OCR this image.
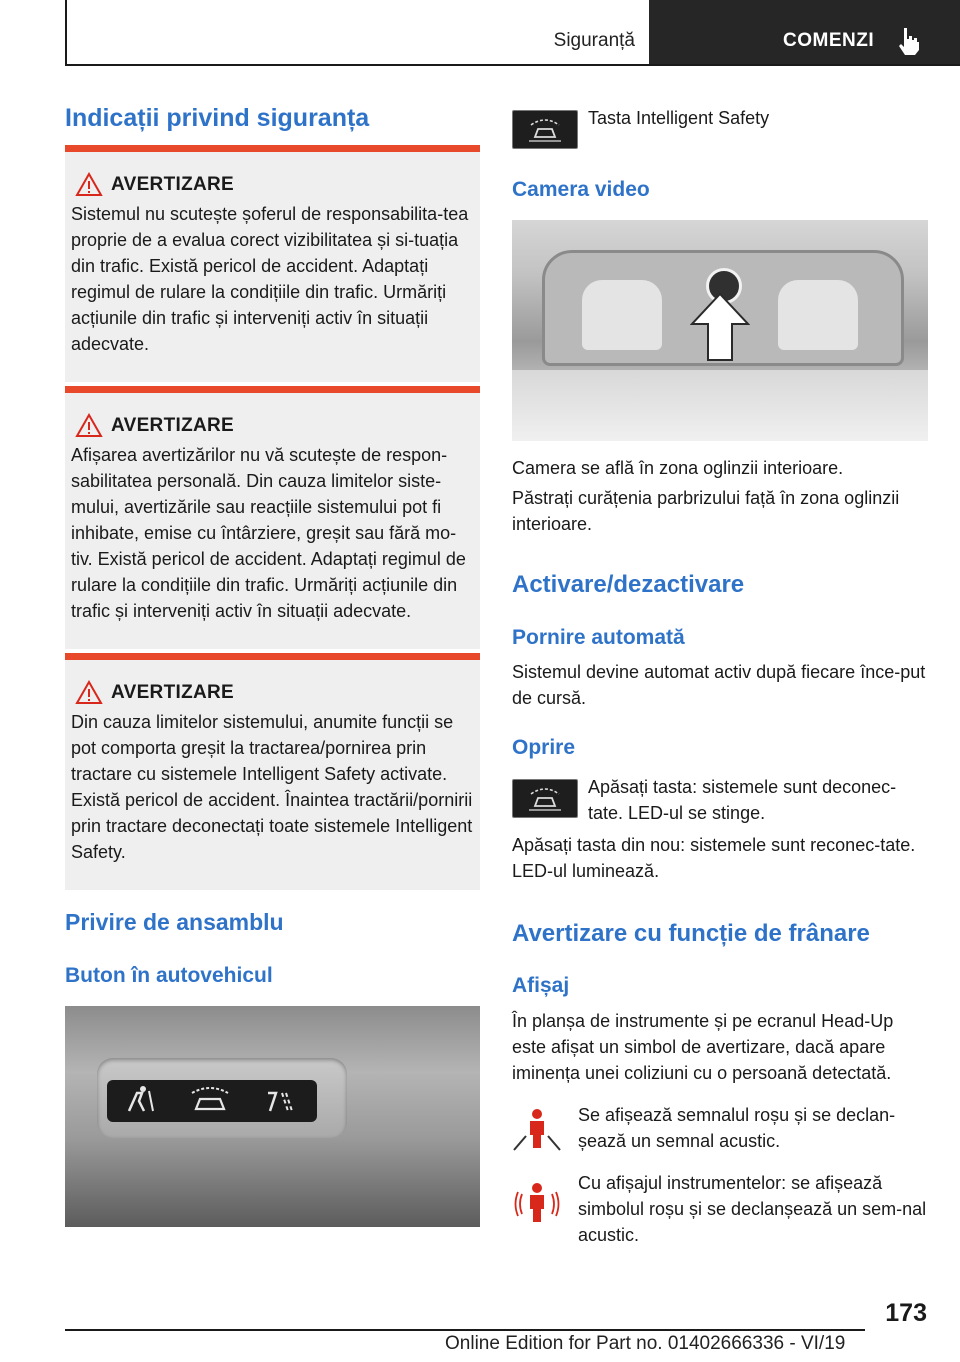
Siguranță	COMENZI
Indicații privind siguranța
AVERTIZARE
Sistemul nu scutește șoferul de responsabilita-tea proprie de a evalua corect vizibilitatea și si-tuația din trafic. Există pericol de accident. Adaptați regimul de rulare la condițiile din trafic. Urmăriți acțiunile din trafic și interveniți activ în situații adecvate.
AVERTIZARE
Afișarea avertizărilor nu vă scutește de respon-sabilitatea personală. Din cauza limitelor siste-mului, avertizările sau reacțiile sistemului pot fi inhibate, emise cu întârziere, greșit sau fără mo-tiv. Există pericol de accident. Adaptați regimul de rulare la condițiile din trafic. Urmăriți acțiunile din trafic și interveniți activ în situații adecvate.
AVERTIZARE
Din cauza limitelor sistemului, anumite funcții se pot comporta greșit la tractarea/pornirea prin tractare cu sistemele Intelligent Safety activate. Există pericol de accident. Înaintea tractării/pornirii prin tractare deconectați toate sistemele Intelligent Safety.
Privire de ansamblu
Buton în autovehicul
Tasta Intelligent Safety
Camera video
Camera se află în zona oglinzii interioare.
Păstrați curățenia parbrizului față în zona oglinzii interioare.
Activare/dezactivare
Pornire automată
Sistemul devine automat activ după fiecare înce-put de cursă.
Oprire
Apăsați tasta: sistemele sunt deconec-tate. LED-ul se stinge.
Apăsați tasta din nou: sistemele sunt reconec-tate. LED-ul luminează.
Avertizare cu funcție de frânare
Afișaj
În planșa de instrumente și pe ecranul Head-Up este afișat un simbol de avertizare, dacă apare iminența unei coliziuni cu o persoană detectată.
Se afișează semnalul roșu și se declan-șează un semnal acustic.
Cu afișajul instrumentelor: se afișează simbolul roșu și se declanșează un sem-nal acustic.
173
Online Edition for Part no. 01402666336 - VI/19
